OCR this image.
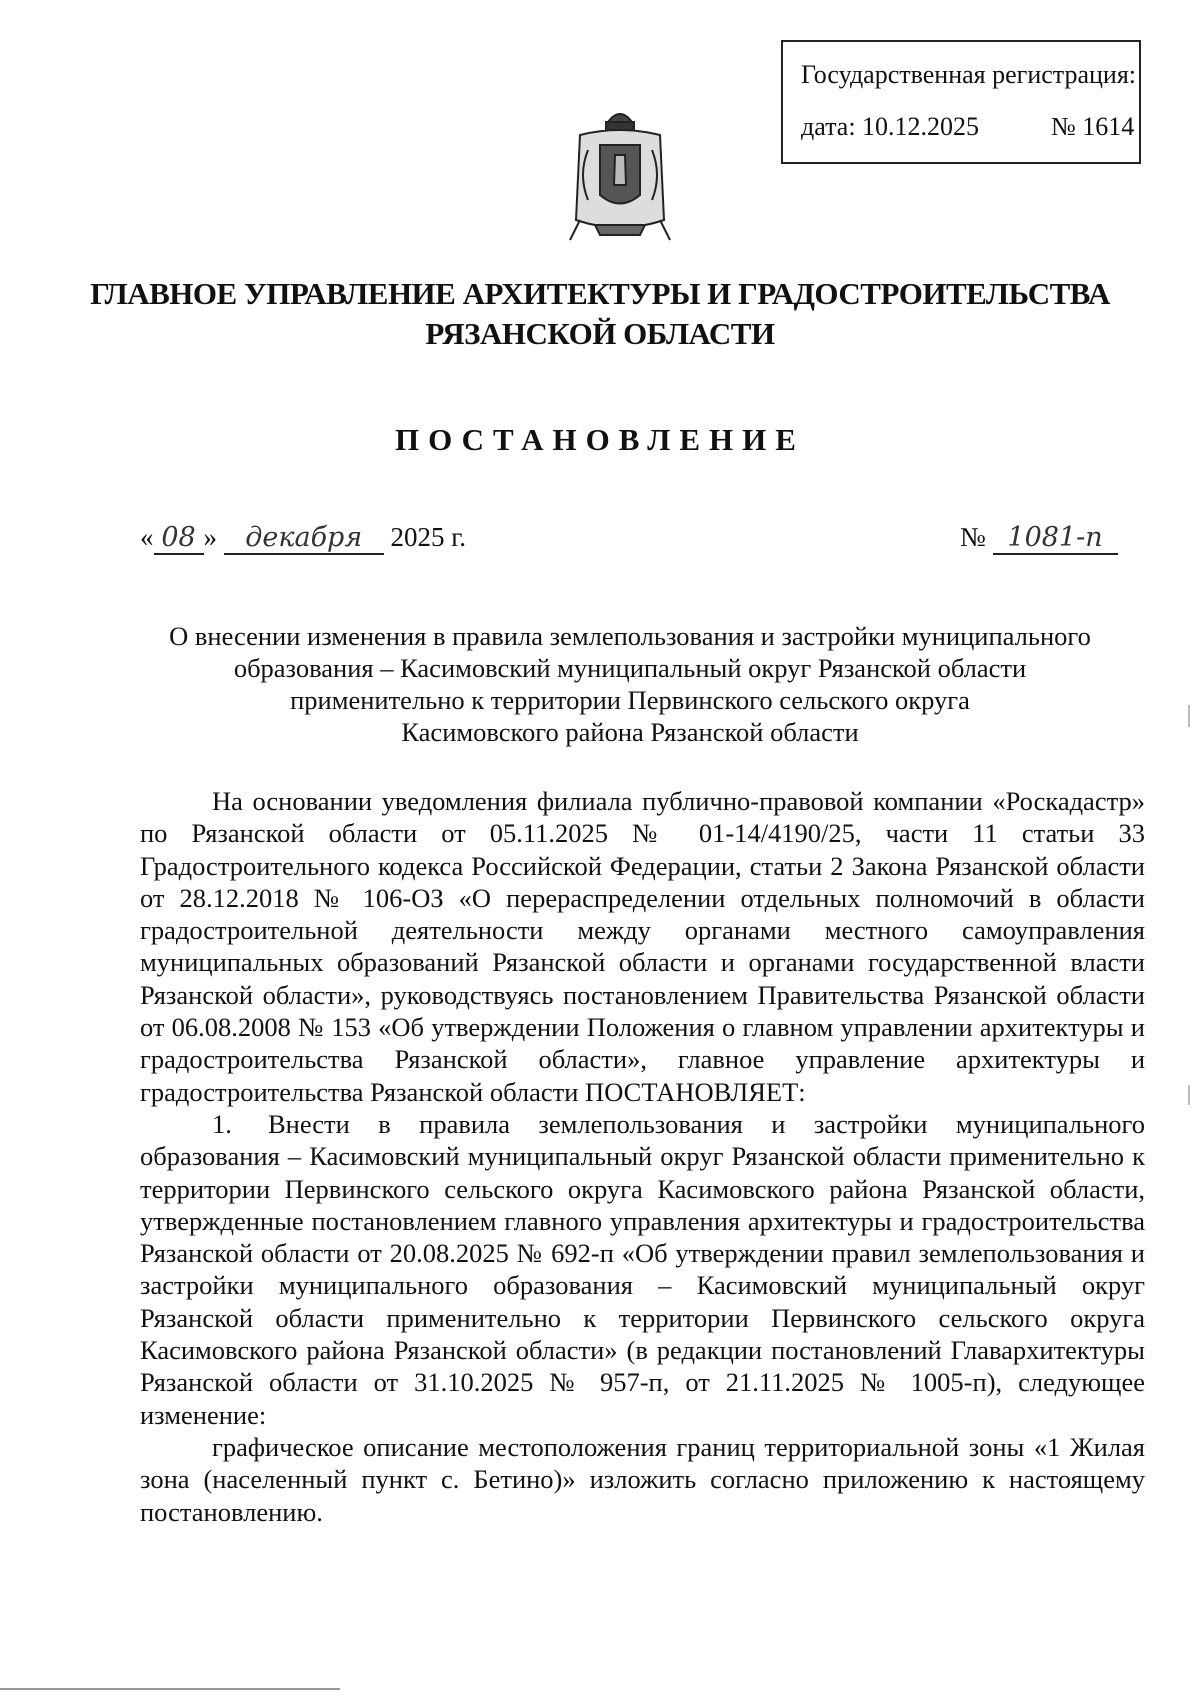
Государственная регистрация:
дата: 10.12.2025	№ 1614
ГЛАВНОЕ УПРАВЛЕНИЕ АРХИТЕКТУРЫ И ГРАДОСТРОИТЕЛЬСТВА
РЯЗАНСКОЙ ОБЛАСТИ
ПОСТАНОВЛЕНИЕ
« 08 » декабря 2025 г.	№ 1081-п
О внесении изменения в правила землепользования и застройки муниципального
образования – Касимовский муниципальный округ Рязанской области
применительно к территории Первинского сельского округа
Касимовского района Рязанской области

На основании уведомления филиала публично-правовой компании «Роскадастр» по Рязанской области от 05.11.2025 № 01-14/4190/25, части 11 статьи 33 Градостроительного кодекса Российской Федерации, статьи 2 Закона Рязанской области от 28.12.2018 № 106-ОЗ «О перераспределении отдельных полномочий в области градостроительной деятельности между органами местного самоуправления муниципальных образований Рязанской области и органами государственной власти Рязанской области», руководствуясь постановлением Правительства Рязанской области от 06.08.2008 № 153 «Об утверждении Положения о главном управлении архитектуры и градостроительства Рязанской области», главное управление архитектуры и градостроительства Рязанской области ПОСТАНОВЛЯЕТ:

1. Внести в правила землепользования и застройки муниципального образования – Касимовский муниципальный округ Рязанской области применительно к территории Первинского сельского округа Касимовского района Рязанской области, утвержденные постановлением главного управления архитектуры и градостроительства Рязанской области от 20.08.2025 № 692-п «Об утверждении правил землепользования и застройки муниципального образования – Касимовский муниципальный округ Рязанской области применительно к территории Первинского сельского округа Касимовского района Рязанской области» (в редакции постановлений Главархитектуры Рязанской области от 31.10.2025 № 957-п, от 21.11.2025 № 1005-п), следующее изменение:

графическое описание местоположения границ территориальной зоны «1 Жилая зона (населенный пункт с. Бетино)» изложить согласно приложению к настоящему постановлению.
